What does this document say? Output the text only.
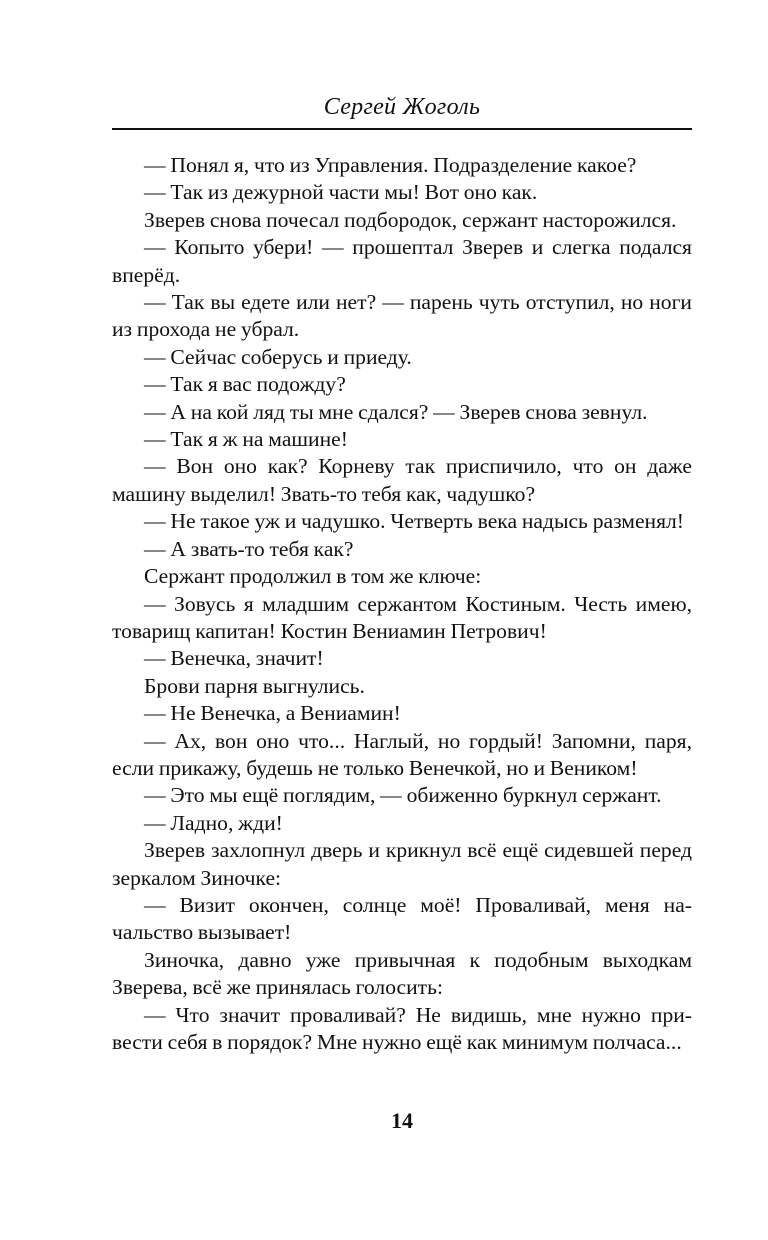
Сергей Жоголь

— Понял я, что из Управления. Подразделение какое?

— Так из дежурной части мы! Вот оно как.

Зверев снова почесал подбородок, сержант насторожился.

— Копыто убери! — прошептал Зверев и слегка подался вперёд.

— Так вы едете или нет? — парень чуть отступил, но ноги из прохода не убрал.

— Сейчас соберусь и приеду.

— Так я вас подожду?

— А на кой ляд ты мне сдался? — Зверев снова зевнул.

— Так я ж на машине!

— Вон оно как? Корневу так приспичило, что он даже машину выделил! Звать-то тебя как, чадушко?

— Не такое уж и чадушко. Четверть века надысь разменял!

— А звать-то тебя как?

Сержант продолжил в том же ключе:

— Зовусь я младшим сержантом Костиным. Честь имею, товарищ капитан! Костин Вениамин Петрович!

— Венечка, значит!

Брови парня выгнулись.

— Не Венечка, а Вениамин!

— Ах, вон оно что... Наглый, но гордый! Запомни, паря, если прикажу, будешь не только Венечкой, но и Веником!

— Это мы ещё поглядим, — обиженно буркнул сержант.

— Ладно, жди!

Зверев захлопнул дверь и крикнул всё ещё сидевшей перед зеркалом Зиночке:

— Визит окончен, солнце моё! Проваливай, меня начальство вызывает!

Зиночка, давно уже привычная к подобным выходкам Зверева, всё же принялась голосить:

— Что значит проваливай? Не видишь, мне нужно привести себя в порядок? Мне нужно ещё как минимум полчаса...

14
